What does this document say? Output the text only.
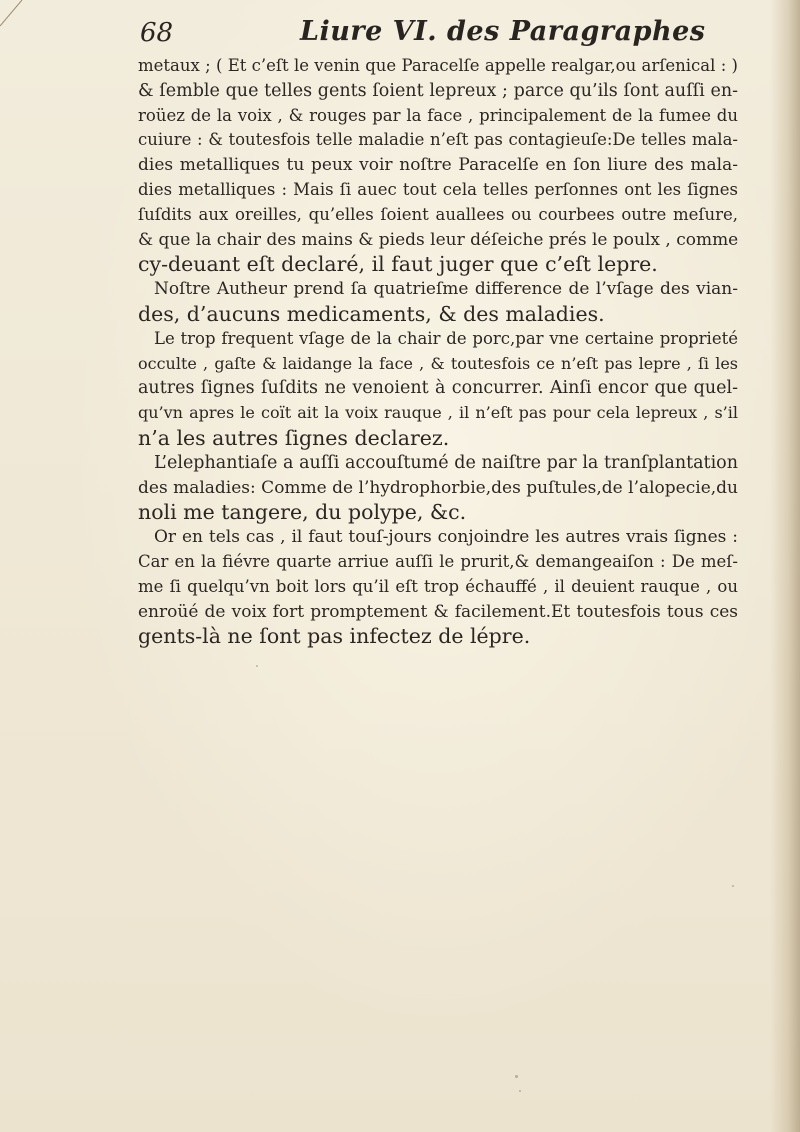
68	Liure VI. des Paragraphes
metaux ; ( Et c’eſt le venin que Paracelſe appelle realgar,ou arſenical : )
& ſemble que telles gents ſoient lepreux ; parce qu’ils ſont auſſi en-
roüez de la voix , & rouges par la face , principalement de la fumee du
cuiure : & toutesfois telle maladie n’eſt pas contagieuſe:De telles mala-
dies metalliques tu peux voir noſtre Paracelſe en ſon liure des mala-
dies metalliques : Mais ſi auec tout cela telles perſonnes ont les ſignes
ſuſdits aux oreilles, qu’elles ſoient auallees ou courbees outre meſure,
& que la chair des mains & pieds leur déſeiche prés le poulx , comme
cy-deuant eſt declaré, il faut juger que c’eſt lepre.
Noſtre Autheur prend ſa quatrieſme difference de l’vſage des vian-
des, d’aucuns medicaments, & des maladies.
Le trop frequent vſage de la chair de porc,par vne certaine proprieté
occulte , gaſte & laidange la face , & toutesfois ce n’eſt pas lepre , ſi les
autres ſignes ſuſdits ne venoient à concurrer. Ainſi encor que quel-
qu’vn apres le coït ait la voix rauque , il n’eſt pas pour cela lepreux , s’il
n’a les autres ſignes declarez.
L’elephantiaſe a auſſi accouſtumé de naiſtre par la tranſplantation
des maladies: Comme de l’hydrophorbie,des puſtules,de l’alopecie,du
noli me tangere, du polype, &c.
Or en tels cas , il faut touſ-jours conjoindre les autres vrais ſignes :
Car en la fiévre quarte arriue auſſi le prurit,& demangeaiſon : De meſ-
me ſi quelqu’vn boit lors qu’il eſt trop échauffé , il deuient rauque , ou
enroüé de voix fort promptement & facilement.Et toutesfois tous ces
gents-là ne ſont pas infectez de lépre.
